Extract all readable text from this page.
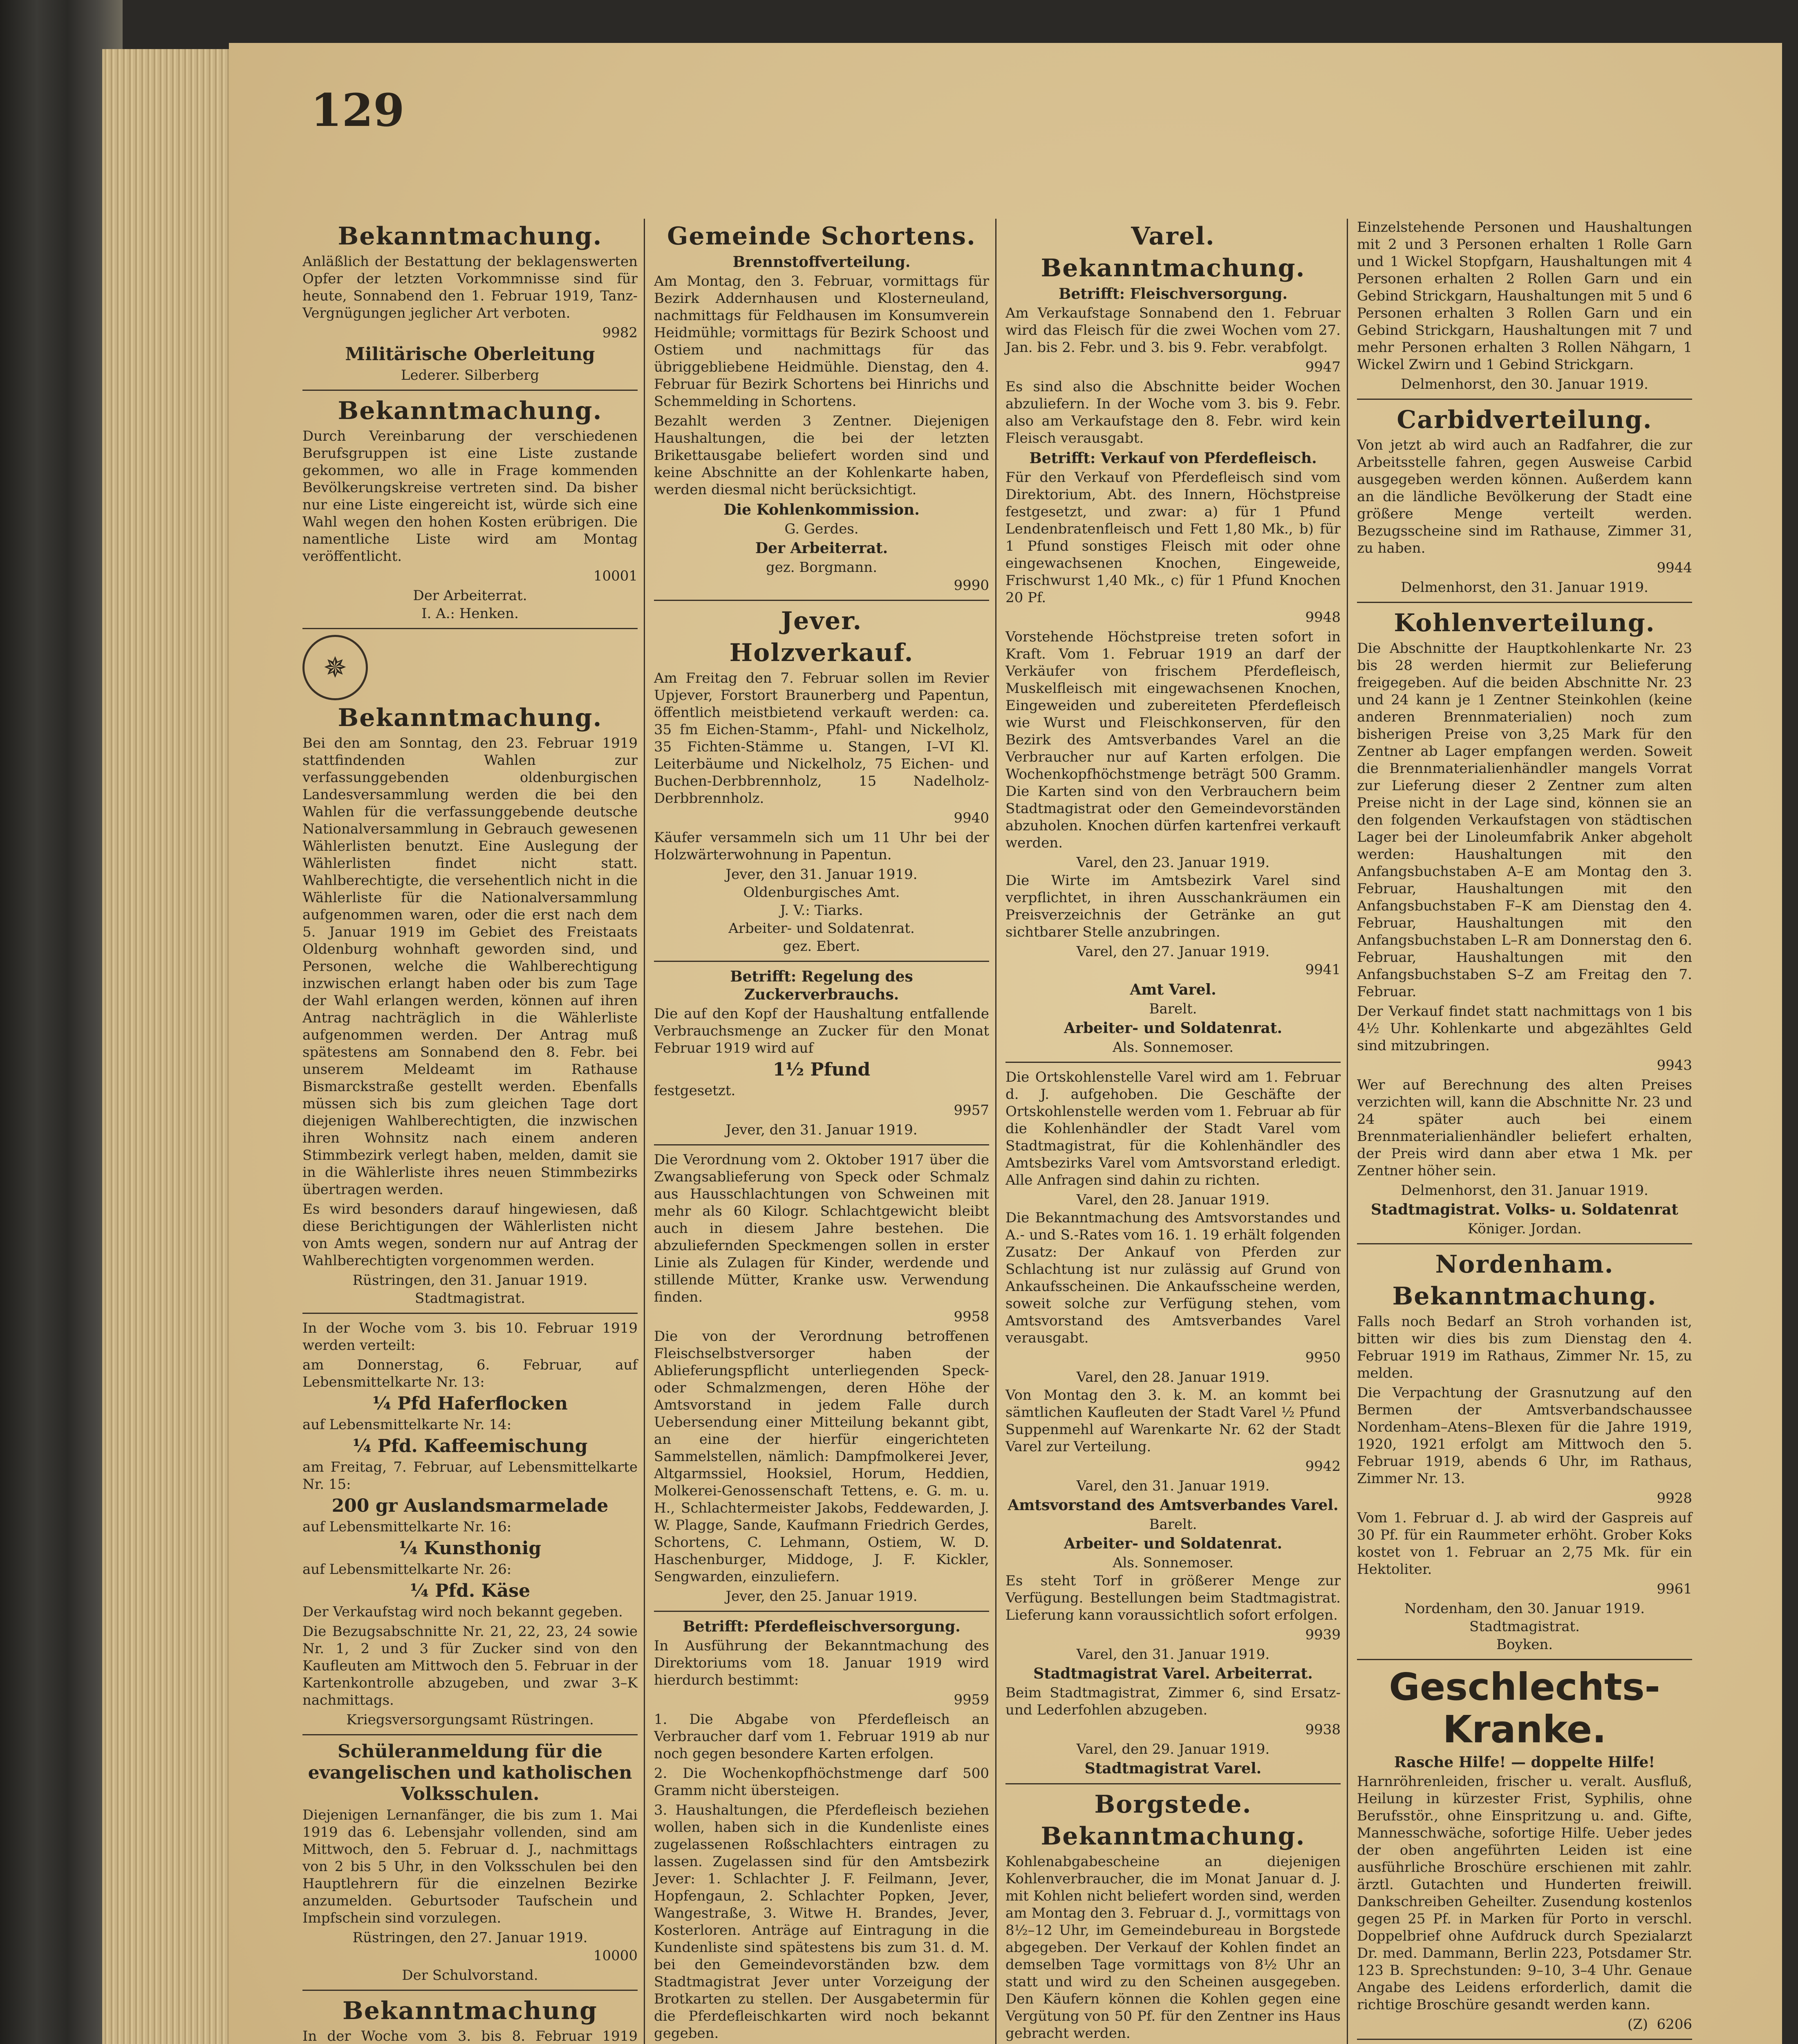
129
Bekanntmachung.

Anläßlich der Bestattung der beklagenswerten Opfer der letzten Vorkommnisse sind für heute, Sonnabend den 1. Februar 1919, Tanz-Vergnügungen jeglicher Art verboten.

9982
Militärische Oberleitung
Lederer. Silberberg
Bekanntmachung.

Durch Vereinbarung der verschiedenen Berufsgruppen ist eine Liste zustande gekommen, wo alle in Frage kommenden Bevölkerungskreise vertreten sind. Da bisher nur eine Liste eingereicht ist, würde sich eine Wahl wegen den hohen Kosten erübrigen. Die namentliche Liste wird am Montag veröffentlicht.

10001
Der Arbeiterrat.
I. A.: Henken.
✵
Bekanntmachung.

Bei den am Sonntag, den 23. Februar 1919 stattfindenden Wahlen zur verfassunggebenden oldenburgischen Landesversammlung werden die bei den Wahlen für die verfassunggebende deutsche Nationalversammlung in Gebrauch gewesenen Wählerlisten benutzt. Eine Auslegung der Wählerlisten findet nicht statt. Wahlberechtigte, die versehentlich nicht in die Wählerliste für die Nationalversammlung aufgenommen waren, oder die erst nach dem 5. Januar 1919 im Gebiet des Freistaats Oldenburg wohnhaft geworden sind, und Personen, welche die Wahlberechtigung inzwischen erlangt haben oder bis zum Tage der Wahl erlangen werden, können auf ihren Antrag nachträglich in die Wählerliste aufgenommen werden. Der Antrag muß spätestens am Sonnabend den 8. Febr. bei unserem Meldeamt im Rathause Bismarckstraße gestellt werden. Ebenfalls müssen sich bis zum gleichen Tage dort diejenigen Wahlberechtigten, die inzwischen ihren Wohnsitz nach einem anderen Stimmbezirk verlegt haben, melden, damit sie in die Wählerliste ihres neuen Stimmbezirks übertragen werden.

Es wird besonders darauf hingewiesen, daß diese Berichtigungen der Wählerlisten nicht von Amts wegen, sondern nur auf Antrag der Wahlberechtigten vorgenommen werden.

Rüstringen, den 31. Januar 1919.
Stadtmagistrat.

In der Woche vom 3. bis 10. Februar 1919 werden verteilt:

am Donnerstag, 6. Februar, auf Lebensmittelkarte Nr. 13:

¼ Pfd Haferflocken

auf Lebensmittelkarte Nr. 14:

¼ Pfd. Kaffeemischung

am Freitag, 7. Februar, auf Lebensmittelkarte Nr. 15:

200 gr Auslandsmarmelade

auf Lebensmittelkarte Nr. 16:

¼ Kunsthonig

auf Lebensmittelkarte Nr. 26:

¼ Pfd. Käse

Der Verkaufstag wird noch bekannt gegeben.

Die Bezugsabschnitte Nr. 21, 22, 23, 24 sowie Nr. 1, 2 und 3 für Zucker sind von den Kaufleuten am Mittwoch den 5. Februar in der Kartenkontrolle abzugeben, und zwar 3–K nachmittags.

Kriegsversorgungsamt Rüstringen.
Schüleranmeldung für die evangelischen und katholischen Volksschulen.

Diejenigen Lernanfänger, die bis zum 1. Mai 1919 das 6. Lebensjahr vollenden, sind am Mittwoch, den 5. Februar d. J., nachmittags von 2 bis 5 Uhr, in den Volksschulen bei den Hauptlehrern für die einzelnen Bezirke anzumelden. Geburtsoder Taufschein und Impfschein sind vorzulegen.

Rüstringen, den 27. Januar 1919.
10000
Der Schulvorstand.
Bekanntmachung

In der Woche vom 3. bis 8. Februar 1919

Gemeinde Schortens.
Brennstoffverteilung.

Am Montag, den 3. Februar, vormittags für Bezirk Addernhausen und Klosterneuland, nachmittags für Feldhausen im Konsumverein Heidmühle; vormittags für Bezirk Schoost und Ostiem und nachmittags für das übriggebliebene Heidmühle. Dienstag, den 4. Februar für Bezirk Schortens bei Hinrichs und Schemmelding in Schortens.

Bezahlt werden 3 Zentner. Diejenigen Haushaltungen, die bei der letzten Brikettausgabe beliefert worden sind und keine Abschnitte an der Kohlenkarte haben, werden diesmal nicht berücksichtigt.

Die Kohlenkommission.
G. Gerdes.
Der Arbeiterrat.
gez. Borgmann.
9990
Jever.
Holzverkauf.

Am Freitag den 7. Februar sollen im Revier Upjever, Forstort Braunerberg und Papentun, öffentlich meistbietend verkauft werden: ca. 35 fm Eichen-Stamm-, Pfahl- und Nickelholz, 35 Fichten-Stämme u. Stangen, I–VI Kl. Leiterbäume und Nickelholz, 75 Eichen- und Buchen-Derbbrennholz, 15 Nadelholz-Derbbrennholz.

9940

Käufer versammeln sich um 11 Uhr bei der Holzwärterwohnung in Papentun.

Jever, den 31. Januar 1919.
Oldenburgisches Amt.
J. V.: Tiarks.
Arbeiter- und Soldatenrat.
gez. Ebert.
Betrifft: Regelung des Zuckerverbrauchs.

Die auf den Kopf der Haushaltung entfallende Verbrauchsmenge an Zucker für den Monat Februar 1919 wird auf

1½ Pfund

festgesetzt.

9957
Jever, den 31. Januar 1919.

Die Verordnung vom 2. Oktober 1917 über die Zwangsablieferung von Speck oder Schmalz aus Hausschlachtungen von Schweinen mit mehr als 60 Kilogr. Schlachtgewicht bleibt auch in diesem Jahre bestehen. Die abzuliefernden Speckmengen sollen in erster Linie als Zulagen für Kinder, werdende und stillende Mütter, Kranke usw. Verwendung finden.

9958

Die von der Verordnung betroffenen Fleischselbstversorger haben der Ablieferungspflicht unterliegenden Speck- oder Schmalzmengen, deren Höhe der Amtsvorstand in jedem Falle durch Uebersendung einer Mitteilung bekannt gibt, an eine der hierfür eingerichteten Sammelstellen, nämlich: Dampfmolkerei Jever, Altgarmssiel, Hooksiel, Horum, Heddien, Molkerei-Genossenschaft Tettens, e. G. m. u. H., Schlachtermeister Jakobs, Feddewarden, J. W. Plagge, Sande, Kaufmann Friedrich Gerdes, Schortens, C. Lehmann, Ostiem, W. D. Haschenburger, Middoge, J. F. Kickler, Sengwarden, einzuliefern.

Jever, den 25. Januar 1919.
Betrifft: Pferdefleischversorgung.

In Ausführung der Bekanntmachung des Direktoriums vom 18. Januar 1919 wird hierdurch bestimmt:

9959

1. Die Abgabe von Pferdefleisch an Verbraucher darf vom 1. Februar 1919 ab nur noch gegen besondere Karten erfolgen.

2. Die Wochenkopfhöchstmenge darf 500 Gramm nicht übersteigen.

3. Haushaltungen, die Pferdefleisch beziehen wollen, haben sich in die Kundenliste eines zugelassenen Roßschlachters eintragen zu lassen. Zugelassen sind für den Amtsbezirk Jever: 1. Schlachter J. F. Feilmann, Jever, Hopfengaun, 2. Schlachter Popken, Jever, Wangestraße, 3. Witwe H. Brandes, Jever, Kosterloren. Anträge auf Eintragung in die Kundenliste sind spätestens bis zum 31. d. M. bei den Gemeindevorständen bzw. dem Stadtmagistrat Jever unter Vorzeigung der Brotkarten zu stellen. Der Ausgabetermin für die Pferdefleischkarten wird noch bekannt gegeben.

Varel.
Bekanntmachung.
Betrifft: Fleischversorgung.

Am Verkaufstage Sonnabend den 1. Februar wird das Fleisch für die zwei Wochen vom 27. Jan. bis 2. Febr. und 3. bis 9. Febr. verabfolgt.

9947

Es sind also die Abschnitte beider Wochen abzuliefern. In der Woche vom 3. bis 9. Febr. also am Verkaufstage den 8. Febr. wird kein Fleisch verausgabt.

Betrifft: Verkauf von Pferdefleisch.

Für den Verkauf von Pferdefleisch sind vom Direktorium, Abt. des Innern, Höchstpreise festgesetzt, und zwar: a) für 1 Pfund Lendenbratenfleisch und Fett 1,80 Mk., b) für 1 Pfund sonstiges Fleisch mit oder ohne eingewachsenen Knochen, Eingeweide, Frischwurst 1,40 Mk., c) für 1 Pfund Knochen 20 Pf.

9948

Vorstehende Höchstpreise treten sofort in Kraft. Vom 1. Februar 1919 an darf der Verkäufer von frischem Pferdefleisch, Muskelfleisch mit eingewachsenen Knochen, Eingeweiden und zubereiteten Pferdefleisch wie Wurst und Fleischkonserven, für den Bezirk des Amtsverbandes Varel an die Verbraucher nur auf Karten erfolgen. Die Wochenkopfhöchstmenge beträgt 500 Gramm. Die Karten sind von den Verbrauchern beim Stadtmagistrat oder den Gemeindevorständen abzuholen. Knochen dürfen kartenfrei verkauft werden.

Varel, den 23. Januar 1919.

Die Wirte im Amtsbezirk Varel sind verpflichtet, in ihren Ausschankräumen ein Preisverzeichnis der Getränke an gut sichtbarer Stelle anzubringen.

Varel, den 27. Januar 1919.
9941
Amt Varel.
Barelt.
Arbeiter- und Soldatenrat.
Als. Sonnemoser.

Die Ortskohlenstelle Varel wird am 1. Februar d. J. aufgehoben. Die Geschäfte der Ortskohlenstelle werden vom 1. Februar ab für die Kohlenhändler der Stadt Varel vom Stadtmagistrat, für die Kohlenhändler des Amtsbezirks Varel vom Amtsvorstand erledigt. Alle Anfragen sind dahin zu richten.

Varel, den 28. Januar 1919.

Die Bekanntmachung des Amtsvorstandes und A.- und S.-Rates vom 16. 1. 19 erhält folgenden Zusatz: Der Ankauf von Pferden zur Schlachtung ist nur zulässig auf Grund von Ankaufsscheinen. Die Ankaufsscheine werden, soweit solche zur Verfügung stehen, vom Amtsvorstand des Amtsverbandes Varel verausgabt.

9950
Varel, den 28. Januar 1919.

Von Montag den 3. k. M. an kommt bei sämtlichen Kaufleuten der Stadt Varel ½ Pfund Suppenmehl auf Warenkarte Nr. 62 der Stadt Varel zur Verteilung.

9942
Varel, den 31. Januar 1919.
Amtsvorstand des Amtsverbandes Varel.
Barelt.
Arbeiter- und Soldatenrat.
Als. Sonnemoser.

Es steht Torf in größerer Menge zur Verfügung. Bestellungen beim Stadtmagistrat. Lieferung kann voraussichtlich sofort erfolgen.

9939
Varel, den 31. Januar 1919.
Stadtmagistrat Varel. Arbeiterrat.

Beim Stadtmagistrat, Zimmer 6, sind Ersatz- und Lederfohlen abzugeben.

9938
Varel, den 29. Januar 1919.
Stadtmagistrat Varel.
Borgstede.
Bekanntmachung.

Kohlenabgabescheine an diejenigen Kohlenverbraucher, die im Monat Januar d. J. mit Kohlen nicht beliefert worden sind, werden am Montag den 3. Februar d. J., vormittags von 8½–12 Uhr, im Gemeindebureau in Borgstede abgegeben. Der Verkauf der Kohlen findet an demselben Tage vormittags von 8½ Uhr an statt und wird zu den Scheinen ausgegeben. Den Käufern können die Kohlen gegen eine Vergütung von 50 Pf. für den Zentner ins Haus gebracht werden.

Einzelstehende Personen und Haushaltungen mit 2 und 3 Personen erhalten 1 Rolle Garn und 1 Wickel Stopfgarn, Haushaltungen mit 4 Personen erhalten 2 Rollen Garn und ein Gebind Strickgarn, Haushaltungen mit 5 und 6 Personen erhalten 3 Rollen Garn und ein Gebind Strickgarn, Haushaltungen mit 7 und mehr Personen erhalten 3 Rollen Nähgarn, 1 Wickel Zwirn und 1 Gebind Strickgarn.

Delmenhorst, den 30. Januar 1919.
Carbidverteilung.

Von jetzt ab wird auch an Radfahrer, die zur Arbeitsstelle fahren, gegen Ausweise Carbid ausgegeben werden können. Außerdem kann an die ländliche Bevölkerung der Stadt eine größere Menge verteilt werden. Bezugsscheine sind im Rathause, Zimmer 31, zu haben.

9944
Delmenhorst, den 31. Januar 1919.
Kohlenverteilung.

Die Abschnitte der Hauptkohlenkarte Nr. 23 bis 28 werden hiermit zur Belieferung freigegeben. Auf die beiden Abschnitte Nr. 23 und 24 kann je 1 Zentner Steinkohlen (keine anderen Brennmaterialien) noch zum bisherigen Preise von 3,25 Mark für den Zentner ab Lager empfangen werden. Soweit die Brennmaterialienhändler mangels Vorrat zur Lieferung dieser 2 Zentner zum alten Preise nicht in der Lage sind, können sie an den folgenden Verkaufstagen von städtischen Lager bei der Linoleumfabrik Anker abgeholt werden: Haushaltungen mit den Anfangsbuchstaben A–E am Montag den 3. Februar, Haushaltungen mit den Anfangsbuchstaben F–K am Dienstag den 4. Februar, Haushaltungen mit den Anfangsbuchstaben L–R am Donnerstag den 6. Februar, Haushaltungen mit den Anfangsbuchstaben S–Z am Freitag den 7. Februar.

Der Verkauf findet statt nachmittags von 1 bis 4½ Uhr. Kohlenkarte und abgezähltes Geld sind mitzubringen.

9943

Wer auf Berechnung des alten Preises verzichten will, kann die Abschnitte Nr. 23 und 24 später auch bei einem Brennmaterialienhändler beliefert erhalten, der Preis wird dann aber etwa 1 Mk. per Zentner höher sein.

Delmenhorst, den 31. Januar 1919.
Stadtmagistrat. Volks- u. Soldatenrat
Königer. Jordan.
Nordenham.
Bekanntmachung.

Falls noch Bedarf an Stroh vorhanden ist, bitten wir dies bis zum Dienstag den 4. Februar 1919 im Rathaus, Zimmer Nr. 15, zu melden.

Die Verpachtung der Grasnutzung auf den Bermen der Amtsverbandschaussee Nordenham–Atens–Blexen für die Jahre 1919, 1920, 1921 erfolgt am Mittwoch den 5. Februar 1919, abends 6 Uhr, im Rathaus, Zimmer Nr. 13.

9928

Vom 1. Februar d. J. ab wird der Gaspreis auf 30 Pf. für ein Raummeter erhöht. Grober Koks kostet von 1. Februar an 2,75 Mk. für ein Hektoliter.

9961
Nordenham, den 30. Januar 1919.
Stadtmagistrat.
Boyken.
Geschlechts-Kranke.
Rasche Hilfe! — doppelte Hilfe!

Harnröhrenleiden, frischer u. veralt. Ausfluß, Heilung in kürzester Frist, Syphilis, ohne Berufsstör., ohne Einspritzung u. and. Gifte, Mannesschwäche, sofortige Hilfe. Ueber jedes der oben angeführten Leiden ist eine ausführliche Broschüre erschienen mit zahlr. ärztl. Gutachten und Hunderten freiwill. Dankschreiben Geheilter. Zusendung kostenlos gegen 25 Pf. in Marken für Porto in verschl. Doppelbrief ohne Aufdruck durch Spezialarzt Dr. med. Dammann, Berlin 223, Potsdamer Str. 123 B. Sprechstunden: 9–10, 3–4 Uhr. Genaue Angabe des Leidens erforderlich, damit die richtige Broschüre gesandt werden kann.

(Z) 6206
